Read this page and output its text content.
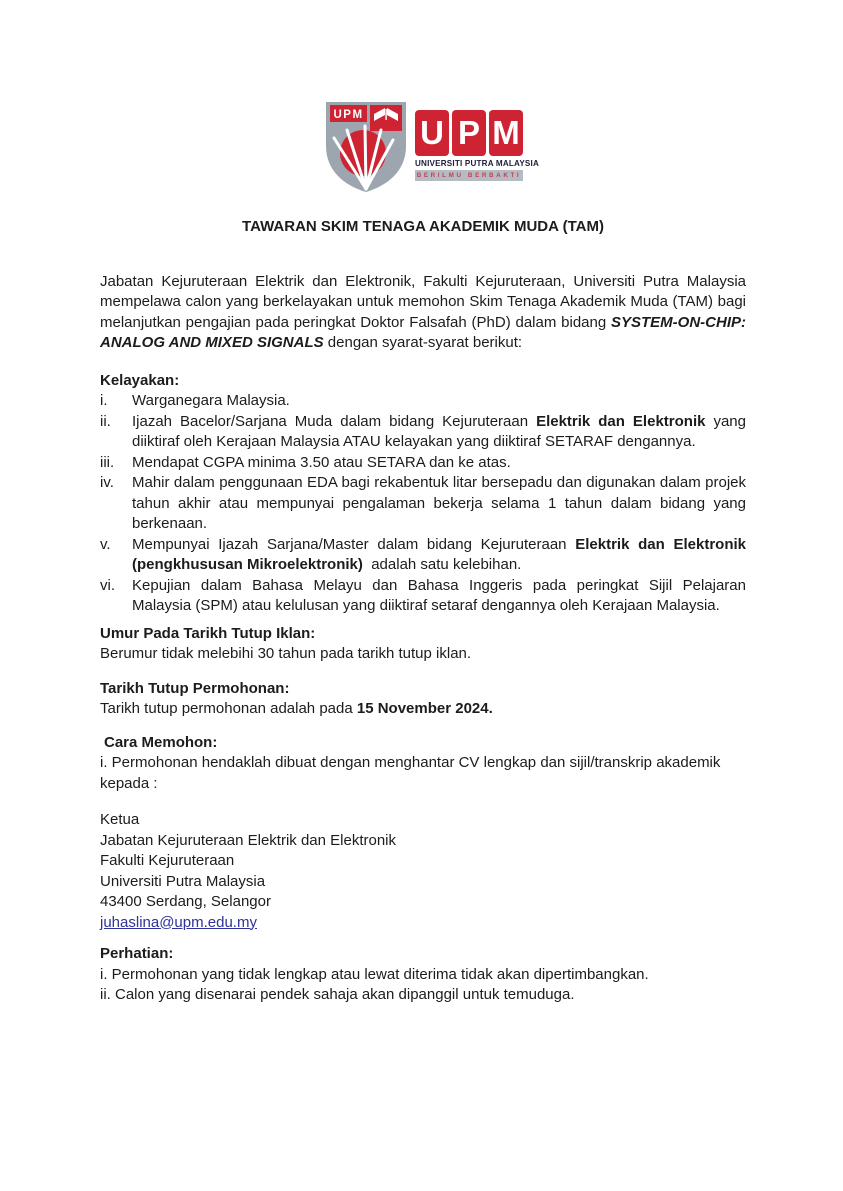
UPM U P M
UNIVERSITI PUTRA MALAYSIA
BERILMU BERBAKTI
TAWARAN SKIM TENAGA AKADEMIK MUDA (TAM)

Jabatan Kejuruteraan Elektrik dan Elektronik, Fakulti Kejuruteraan, Universiti Putra Malaysia mempelawa calon yang berkelayakan untuk memohon Skim Tenaga Akademik Muda (TAM) bagi melanjutkan pengajian pada peringkat Doktor Falsafah (PhD) dalam bidang SYSTEM-ON-CHIP: ANALOG AND MIXED SIGNALS dengan syarat-syarat berikut:

Kelayakan:

i.	Warganegara Malaysia.
ii.	Ijazah Bacelor/Sarjana Muda dalam bidang Kejuruteraan Elektrik dan Elektronik yang diiktiraf oleh Kerajaan Malaysia ATAU kelayakan yang diiktiraf SETARAF dengannya.
iii.	Mendapat CGPA minima 3.50 atau SETARA dan ke atas.
iv.	Mahir dalam penggunaan EDA bagi rekabentuk litar bersepadu dan digunakan dalam projek tahun akhir atau mempunyai pengalaman bekerja selama 1 tahun dalam bidang yang berkenaan.
v.	Mempunyai Ijazah Sarjana/Master dalam bidang Kejuruteraan Elektrik dan Elektronik (pengkhususan Mikroelektronik)  adalah satu kelebihan.
vi.	Kepujian dalam Bahasa Melayu dan Bahasa Inggeris pada peringkat Sijil Pelajaran Malaysia (SPM) atau kelulusan yang diiktiraf setaraf dengannya oleh Kerajaan Malaysia.

Umur Pada Tarikh Tutup Iklan:

Berumur tidak melebihi 30 tahun pada tarikh tutup iklan.

Tarikh Tutup Permohonan:

Tarikh tutup permohonan adalah pada 15 November 2024.

Cara Memohon:

i. Permohonan hendaklah dibuat dengan menghantar CV lengkap dan sijil/transkrip akademik kepada :

Ketua

Jabatan Kejuruteraan Elektrik dan Elektronik

Fakulti Kejuruteraan

Universiti Putra Malaysia

43400 Serdang, Selangor

juhaslina@upm.edu.my

Perhatian:

i. Permohonan yang tidak lengkap atau lewat diterima tidak akan dipertimbangkan.

ii. Calon yang disenarai pendek sahaja akan dipanggil untuk temuduga.
